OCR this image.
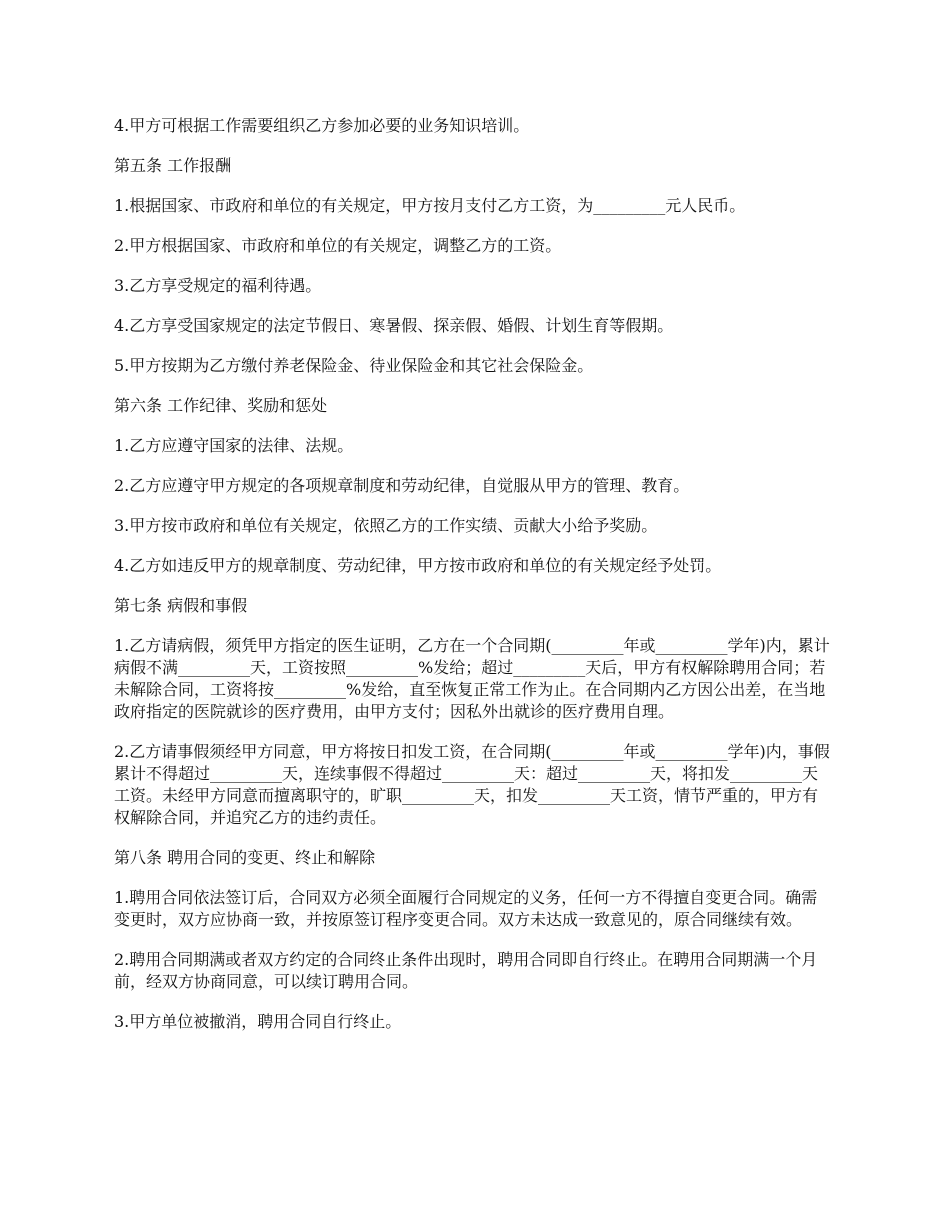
4.甲方可根据工作需要组织乙方参加必要的业务知识培训。

第五条 工作报酬

1.根据国家、市政府和单位的有关规定，甲方按月支付乙方工资，为_________元人民币。

2.甲方根据国家、市政府和单位的有关规定，调整乙方的工资。

3.乙方享受规定的福利待遇。

4.乙方享受国家规定的法定节假日、寒暑假、探亲假、婚假、计划生育等假期。

5.甲方按期为乙方缴付养老保险金、待业保险金和其它社会保险金。

第六条 工作纪律、奖励和惩处

1.乙方应遵守国家的法律、法规。

2.乙方应遵守甲方规定的各项规章制度和劳动纪律，自觉服从甲方的管理、教育。

3.甲方按市政府和单位有关规定，依照乙方的工作实绩、贡献大小给予奖励。

4.乙方如违反甲方的规章制度、劳动纪律，甲方按市政府和单位的有关规定经予处罚。

第七条 病假和事假

1.乙方请病假，须凭甲方指定的医生证明，乙方在一个合同期(_________年或_________学年)内，累计病假不满_________天，工资按照_________%发给；超过_________天后，甲方有权解除聘用合同；若未解除合同，工资将按_________%发给，直至恢复正常工作为止。在合同期内乙方因公出差，在当地政府指定的医院就诊的医疗费用，由甲方支付；因私外出就诊的医疗费用自理。

2.乙方请事假须经甲方同意，甲方将按日扣发工资，在合同期(_________年或_________学年)内，事假累计不得超过_________天，连续事假不得超过_________天：超过_________天，将扣发_________天工资。未经甲方同意而擅离职守的，旷职_________天，扣发_________天工资，情节严重的，甲方有权解除合同，并追究乙方的违约责任。

第八条 聘用合同的变更、终止和解除

1.聘用合同依法签订后，合同双方必须全面履行合同规定的义务，任何一方不得擅自变更合同。确需变更时，双方应协商一致，并按原签订程序变更合同。双方未达成一致意见的，原合同继续有效。

2.聘用合同期满或者双方约定的合同终止条件出现时，聘用合同即自行终止。在聘用合同期满一个月前，经双方协商同意，可以续订聘用合同。

3.甲方单位被撤消，聘用合同自行终止。
